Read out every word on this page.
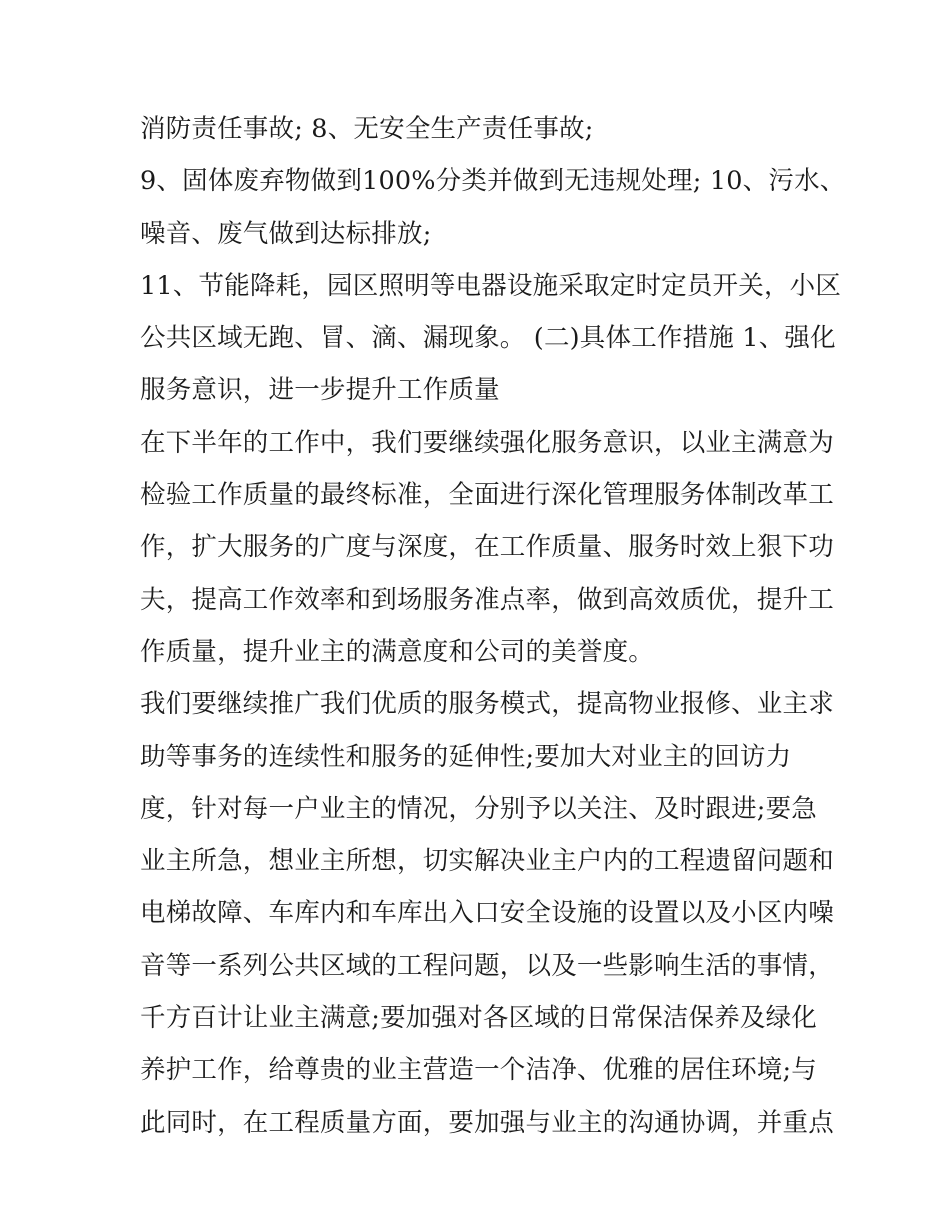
消防责任事故; 8、无安全生产责任事故;
9、固体废弃物做到100%分类并做到无违规处理; 10、污水、
噪音、废气做到达标排放;
11、节能降耗，园区照明等电器设施采取定时定员开关，小区
公共区域无跑、冒、滴、漏现象。 (二)具体工作措施 1、强化
服务意识，进一步提升工作质量
在下半年的工作中，我们要继续强化服务意识，以业主满意为
检验工作质量的最终标准，全面进行深化管理服务体制改革工
作，扩大服务的广度与深度，在工作质量、服务时效上狠下功
夫，提高工作效率和到场服务准点率，做到高效质优，提升工
作质量，提升业主的满意度和公司的美誉度。
我们要继续推广我们优质的服务模式，提高物业报修、业主求
助等事务的连续性和服务的延伸性;要加大对业主的回访力
度，针对每一户业主的情况，分别予以关注、及时跟进;要急
业主所急，想业主所想，切实解决业主户内的工程遗留问题和
电梯故障、车库内和车库出入口安全设施的设置以及小区内噪
音等一系列公共区域的工程问题，以及一些影响生活的事情，
千方百计让业主满意;要加强对各区域的日常保洁保养及绿化
养护工作，给尊贵的业主营造一个洁净、优雅的居住环境;与
此同时，在工程质量方面，要加强与业主的沟通协调，并重点
